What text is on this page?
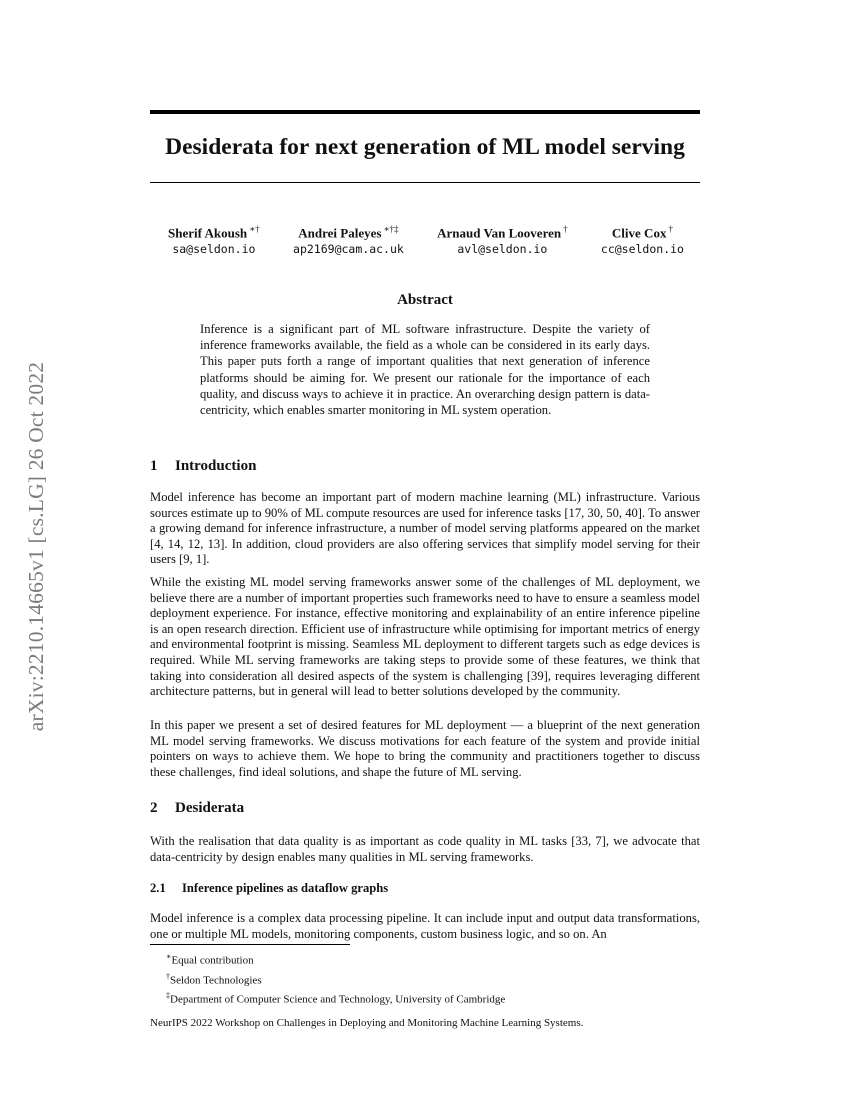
arXiv:2210.14665v1 [cs.LG] 26 Oct 2022
Desiderata for next generation of ML model serving
Sherif Akoush ∗†
sa@seldon.io
Andrei Paleyes ∗†‡
ap2169@cam.ac.uk
Arnaud Van Looveren †
avl@seldon.io
Clive Cox †
cc@seldon.io
Abstract

Inference is a significant part of ML software infrastructure. Despite the variety of inference frameworks available, the field as a whole can be considered in its early days. This paper puts forth a range of important qualities that next generation of inference platforms should be aiming for. We present our rationale for the importance of each quality, and discuss ways to achieve it in practice. An overarching design pattern is data-centricity, which enables smarter monitoring in ML system operation.

1 Introduction

Model inference has become an important part of modern machine learning (ML) infrastructure. Various sources estimate up to 90% of ML compute resources are used for inference tasks [17, 30, 50, 40]. To answer a growing demand for inference infrastructure, a number of model serving platforms appeared on the market [4, 14, 12, 13]. In addition, cloud providers are also offering services that simplify model serving for their users [9, 1].

While the existing ML model serving frameworks answer some of the challenges of ML deployment, we believe there are a number of important properties such frameworks need to have to ensure a seamless model deployment experience. For instance, effective monitoring and explainability of an entire inference pipeline is an open research direction. Efficient use of infrastructure while optimising for important metrics of energy and environmental footprint is missing. Seamless ML deployment to different targets such as edge devices is required. While ML serving frameworks are taking steps to provide some of these features, we think that taking into consideration all desired aspects of the system is challenging [39], requires leveraging different architecture patterns, but in general will lead to better solutions developed by the community.

In this paper we present a set of desired features for ML deployment — a blueprint of the next generation ML model serving frameworks. We discuss motivations for each feature of the system and provide initial pointers on ways to achieve them. We hope to bring the community and practitioners together to discuss these challenges, find ideal solutions, and shape the future of ML serving.

2 Desiderata

With the realisation that data quality is as important as code quality in ML tasks [33, 7], we advocate that data-centricity by design enables many qualities in ML serving frameworks.

2.1 Inference pipelines as dataflow graphs

Model inference is a complex data processing pipeline. It can include input and output data transformations, one or multiple ML models, monitoring components, custom business logic, and so on. An

∗Equal contribution
†Seldon Technologies
‡Department of Computer Science and Technology, University of Cambridge
NeurIPS 2022 Workshop on Challenges in Deploying and Monitoring Machine Learning Systems.
